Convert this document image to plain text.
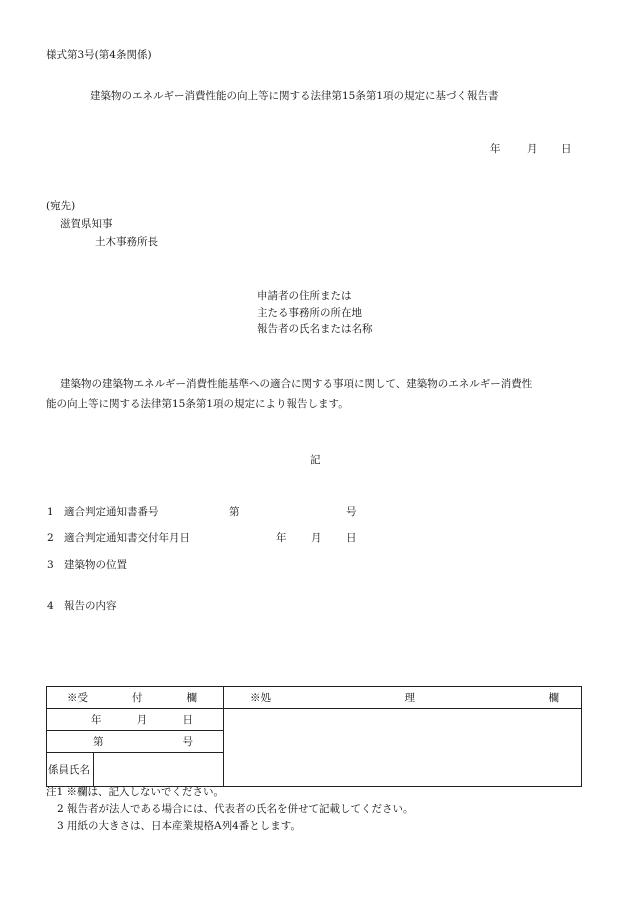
様式第3号(第4条関係)
建築物のエネルギー消費性能の向上等に関する法律第15条第1項の規定に基づく報告書
年	月 日
(宛先)
滋賀県知事
土木事務所長
申請者の住所または
主たる事務所の所在地
報告者の氏名または名称
建築物の建築物エネルギー消費性能基準への適合に関する事項に関して、建築物のエネルギー消費性
能の向上等に関する法律第15条第1項の規定により報告します。
記
1 適合判定通知書番号	第	号
2 適合判定通知書交付年月日	年 月 日
3 建築物の位置
4 報告の内容
※受 付 欄		※処 理 欄

年 月 日		

第 号		

係員氏名		
注1 ※欄は、記入しないでください。
2 報告者が法人である場合には、代表者の氏名を併せて記載してください。
3 用紙の大きさは、日本産業規格A列4番とします。
